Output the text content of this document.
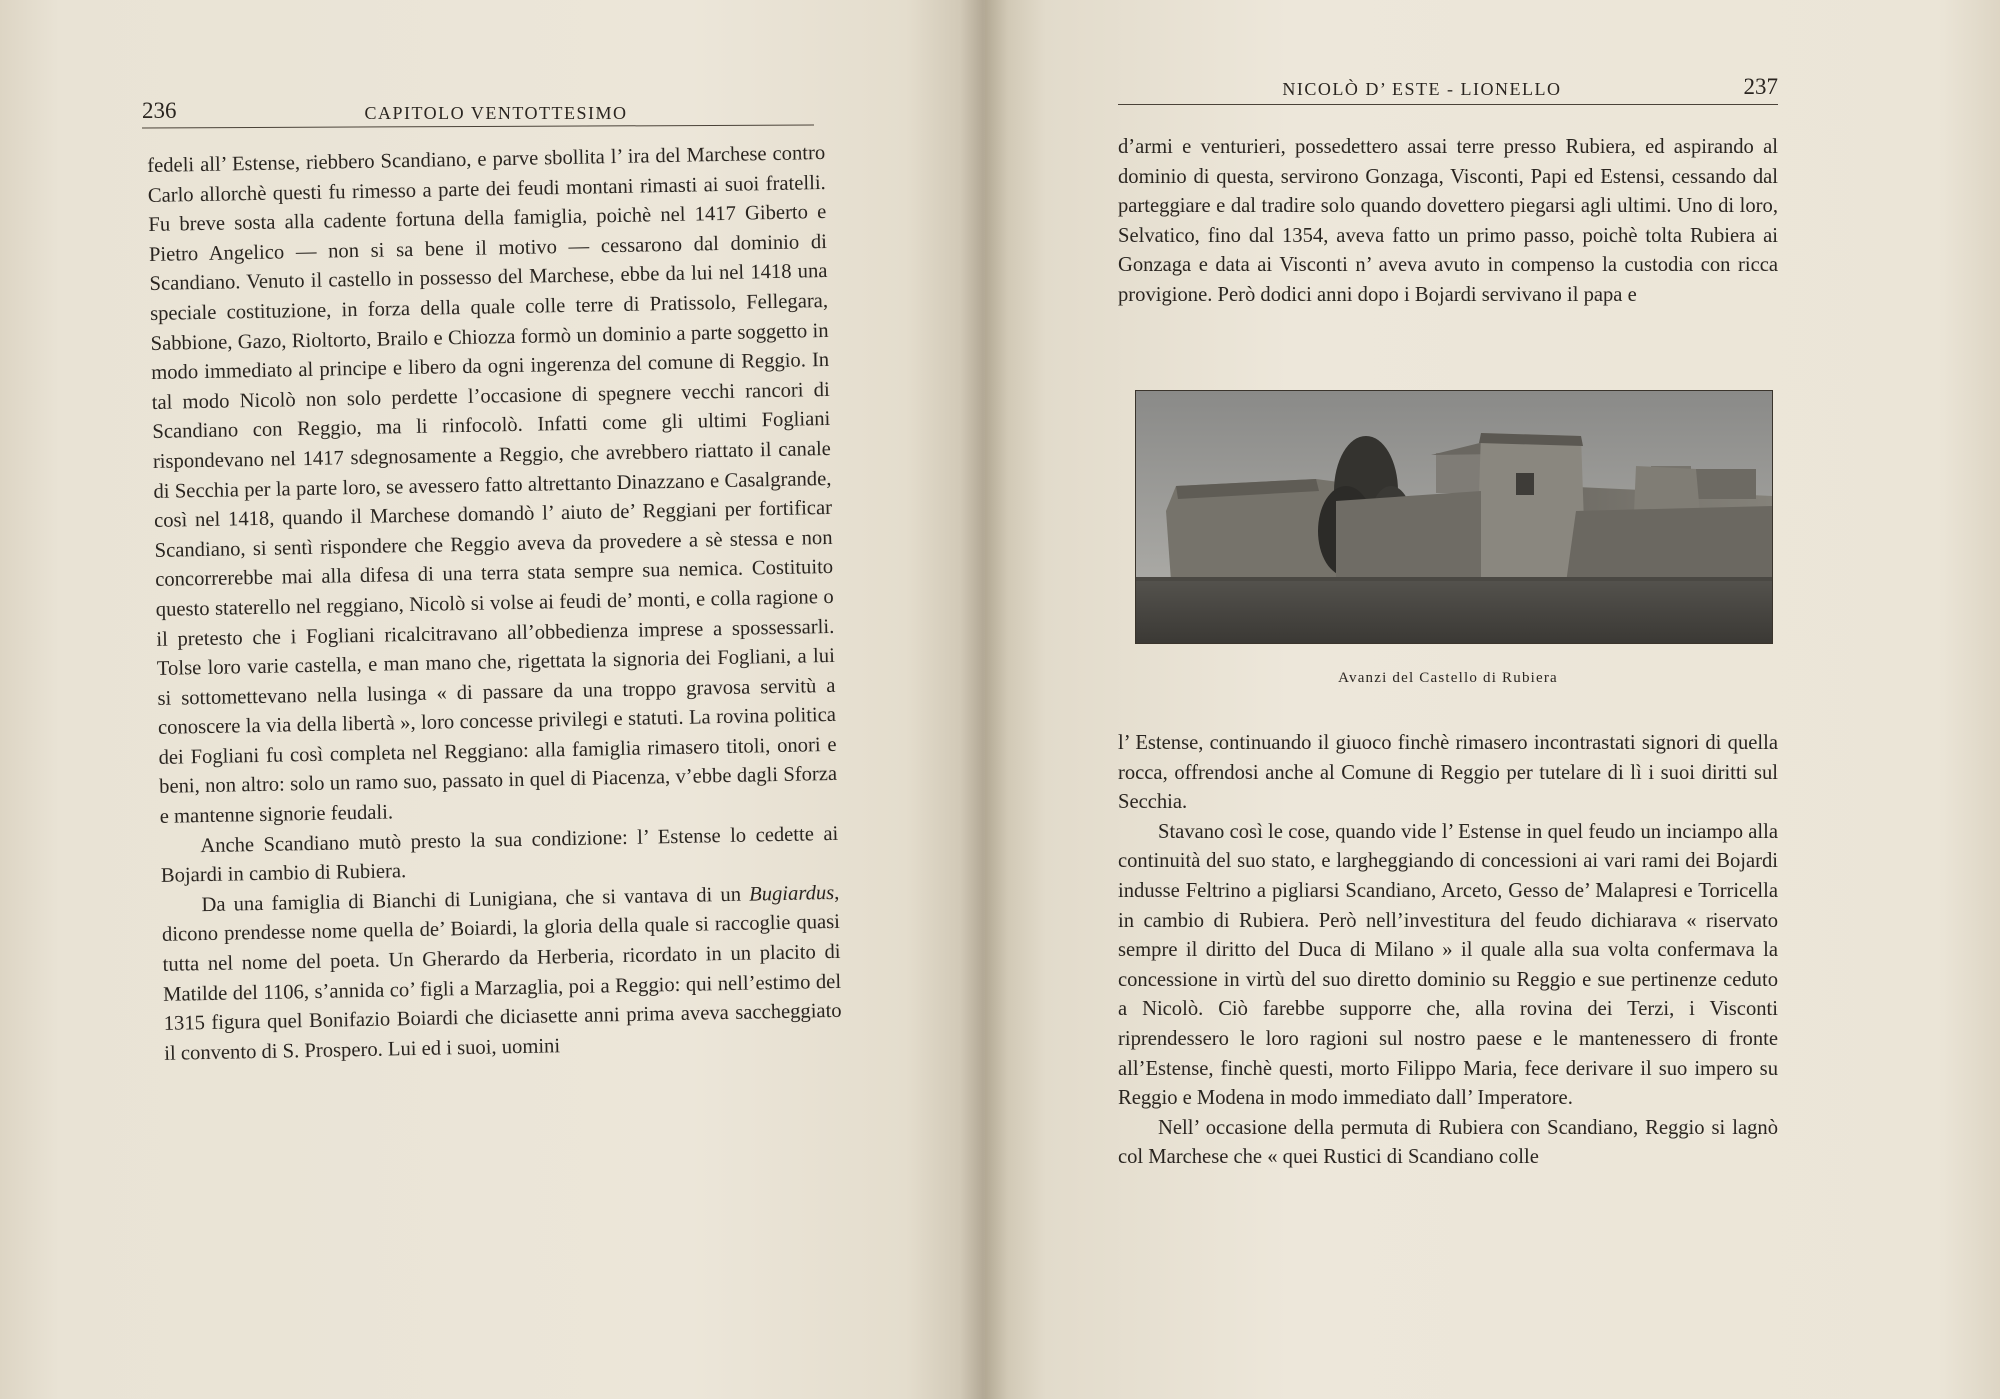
236	CAPITOLO VENTOTTESIMO

fedeli all’ Estense, riebbero Scandiano, e parve sbollita l’ ira del Marchese contro Carlo allorchè questi fu rimesso a parte dei feudi montani rimasti ai suoi fratelli. Fu breve sosta alla cadente fortuna della famiglia, poichè nel 1417 Giberto e Pietro Angelico — non si sa bene il motivo — cessarono dal dominio di Scandiano. Venuto il castello in possesso del Marchese, ebbe da lui nel 1418 una speciale costituzione, in forza della quale colle terre di Pratissolo, Fellegara, Sabbione, Gazo, Rioltorto, Brailo e Chiozza formò un dominio a parte soggetto in modo immediato al principe e libero da ogni ingerenza del comune di Reggio. In tal modo Nicolò non solo perdette l’occasione di spegnere vecchi rancori di Scandiano con Reggio, ma li rinfocolò. Infatti come gli ultimi Fogliani rispondevano nel 1417 sdegnosamente a Reggio, che avrebbero riattato il canale di Secchia per la parte loro, se avessero fatto altrettanto Dinazzano e Casalgrande, così nel 1418, quando il Marchese domandò l’ aiuto de’ Reggiani per fortificar Scandiano, si sentì rispondere che Reggio aveva da provedere a sè stessa e non concorrerebbe mai alla difesa di una terra stata sempre sua nemica. Costituito questo staterello nel reggiano, Nicolò si volse ai feudi de’ monti, e colla ragione o il pretesto che i Fogliani ricalcitravano all’obbedienza imprese a spossessarli. Tolse loro varie castella, e man mano che, rigettata la signoria dei Fogliani, a lui si sottomettevano nella lusinga « di passare da una troppo gravosa servitù a conoscere la via della libertà », loro concesse privilegi e statuti. La rovina politica dei Fogliani fu così completa nel Reggiano: alla famiglia rimasero titoli, onori e beni, non altro: solo un ramo suo, passato in quel di Piacenza, v’ebbe dagli Sforza e mantenne signorie feudali.

Anche Scandiano mutò presto la sua condizione: l’ Estense lo cedette ai Bojardi in cambio di Rubiera.

Da una famiglia di Bianchi di Lunigiana, che si vantava di un Bugiardus, dicono prendesse nome quella de’ Boiardi, la gloria della quale si raccoglie quasi tutta nel nome del poeta. Un Gherardo da Herberia, ricordato in un placito di Matilde del 1106, s’annida co’ figli a Marzaglia, poi a Reggio: qui nell’estimo del 1315 figura quel Bonifazio Boiardi che diciasette anni prima aveva saccheggiato il convento di S. Prospero. Lui ed i suoi, uomini

NICOLÒ D’ ESTE - LIONELLO	237

d’armi e venturieri, possedettero assai terre presso Rubiera, ed aspirando al dominio di questa, servirono Gonzaga, Visconti, Papi ed Estensi, cessando dal parteggiare e dal tradire solo quando dovettero piegarsi agli ultimi. Uno di loro, Selvatico, fino dal 1354, aveva fatto un primo passo, poichè tolta Rubiera ai Gonzaga e data ai Visconti n’ aveva avuto in compenso la custodia con ricca provigione. Però dodici anni dopo i Bojardi servivano il papa e

Avanzi del Castello di Rubiera

l’ Estense, continuando il giuoco finchè rimasero incontrastati signori di quella rocca, offrendosi anche al Comune di Reggio per tutelare di lì i suoi diritti sul Secchia.

Stavano così le cose, quando vide l’ Estense in quel feudo un inciampo alla continuità del suo stato, e largheggiando di concessioni ai vari rami dei Bojardi indusse Feltrino a pigliarsi Scandiano, Arceto, Gesso de’ Malapresi e Torricella in cambio di Rubiera. Però nell’investitura del feudo dichiarava « riservato sempre il diritto del Duca di Milano » il quale alla sua volta confermava la concessione in virtù del suo diretto dominio su Reggio e sue pertinenze ceduto a Nicolò. Ciò farebbe supporre che, alla rovina dei Terzi, i Visconti riprendessero le loro ragioni sul nostro paese e le mantenessero di fronte all’Estense, finchè questi, morto Filippo Maria, fece derivare il suo impero su Reggio e Modena in modo immediato dall’ Imperatore.

Nell’ occasione della permuta di Rubiera con Scandiano, Reggio si lagnò col Marchese che « quei Rustici di Scandiano colle
